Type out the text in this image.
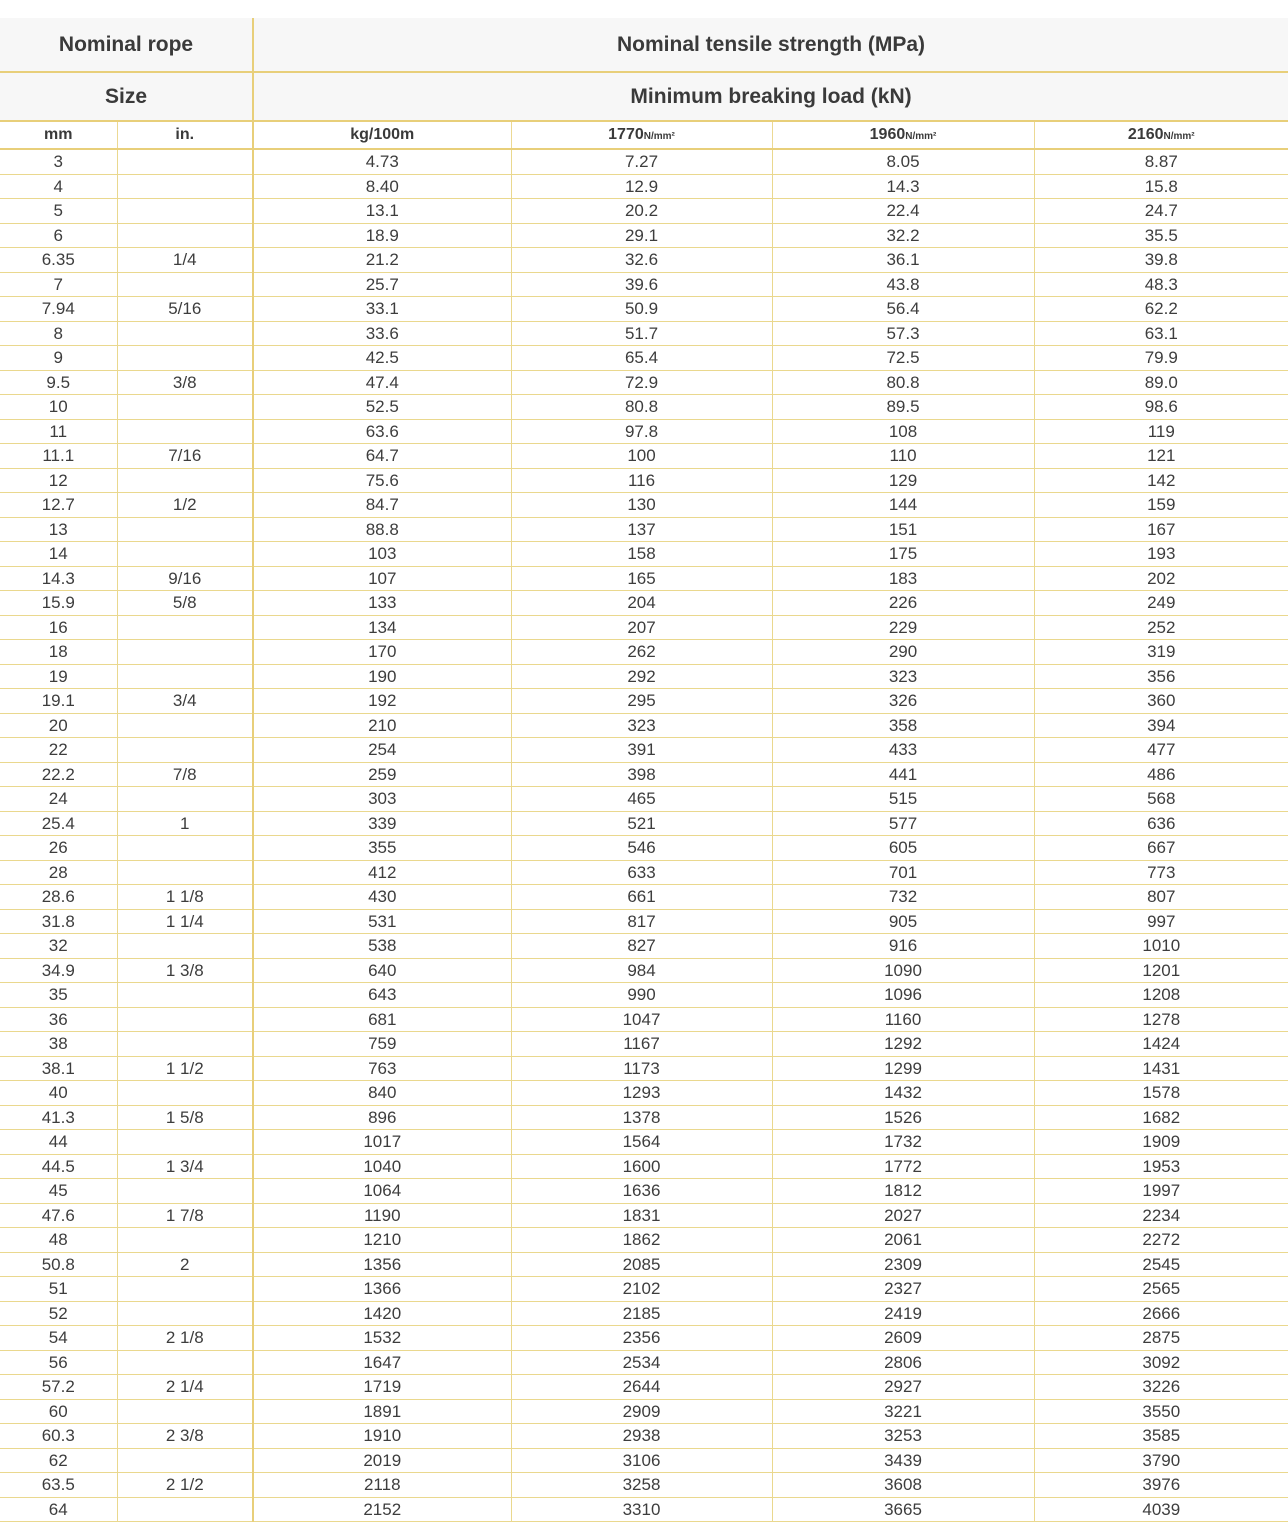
Nominal rope		Nominal tensile strength (MPa)			
Size		Minimum breaking load (kN)			
mm	in.	kg/100m	1770N/mm²	1960N/mm²	2160N/mm²
3		4.73	7.27	8.05	8.87
4		8.40	12.9	14.3	15.8
5		13.1	20.2	22.4	24.7
6		18.9	29.1	32.2	35.5
6.35	1/4	21.2	32.6	36.1	39.8
7		25.7	39.6	43.8	48.3
7.94	5/16	33.1	50.9	56.4	62.2
8		33.6	51.7	57.3	63.1
9		42.5	65.4	72.5	79.9
9.5	3/8	47.4	72.9	80.8	89.0
10		52.5	80.8	89.5	98.6
11		63.6	97.8	108	119
11.1	7/16	64.7	100	110	121
12		75.6	116	129	142
12.7	1/2	84.7	130	144	159
13		88.8	137	151	167
14		103	158	175	193
14.3	9/16	107	165	183	202
15.9	5/8	133	204	226	249
16		134	207	229	252
18		170	262	290	319
19		190	292	323	356
19.1	3/4	192	295	326	360
20		210	323	358	394
22		254	391	433	477
22.2	7/8	259	398	441	486
24		303	465	515	568
25.4	1	339	521	577	636
26		355	546	605	667
28		412	633	701	773
28.6	1 1/8	430	661	732	807
31.8	1 1/4	531	817	905	997
32		538	827	916	1010
34.9	1 3/8	640	984	1090	1201
35		643	990	1096	1208
36		681	1047	1160	1278
38		759	1167	1292	1424
38.1	1 1/2	763	1173	1299	1431
40		840	1293	1432	1578
41.3	1 5/8	896	1378	1526	1682
44		1017	1564	1732	1909
44.5	1 3/4	1040	1600	1772	1953
45		1064	1636	1812	1997
47.6	1 7/8	1190	1831	2027	2234
48		1210	1862	2061	2272
50.8	2	1356	2085	2309	2545
51		1366	2102	2327	2565
52		1420	2185	2419	2666
54	2 1/8	1532	2356	2609	2875
56		1647	2534	2806	3092
57.2	2 1/4	1719	2644	2927	3226
60		1891	2909	3221	3550
60.3	2 3/8	1910	2938	3253	3585
62		2019	3106	3439	3790
63.5	2 1/2	2118	3258	3608	3976
64		2152	3310	3665	4039
